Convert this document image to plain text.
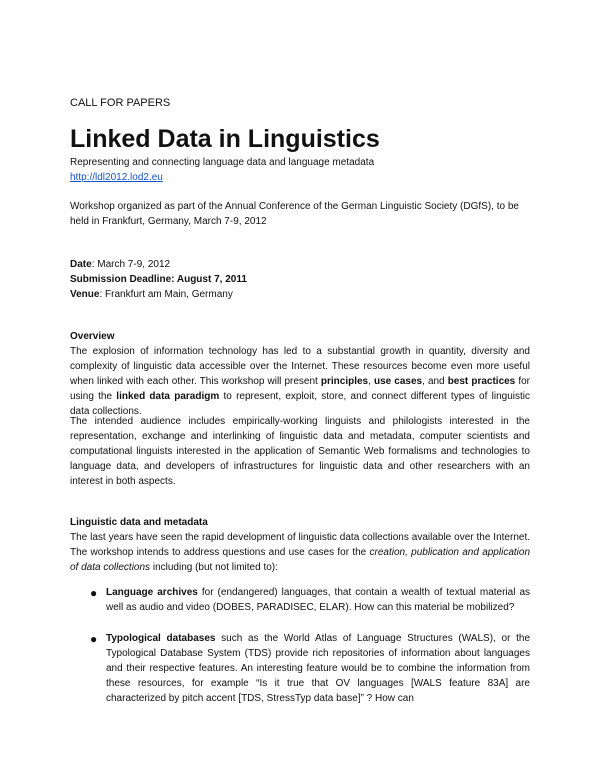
CALL FOR PAPERS
Linked Data in Linguistics
Representing and connecting language data and language metadata
http://ldl2012.lod2.eu
Workshop organized as part of the Annual Conference of the German Linguistic Society (DGfS), to be held in Frankfurt, Germany, March 7-9, 2012
Date: March 7-9, 2012
Submission Deadline: August 7, 2011
Venue: Frankfurt am Main, Germany
Overview
The explosion of information technology has led to a substantial growth in quantity, diversity and complexity of linguistic data accessible over the Internet. These resources become even more useful when linked with each other. This workshop will present principles, use cases, and best practices for using the linked data paradigm to represent, exploit, store, and connect different types of linguistic data collections.
The intended audience includes empirically-working linguists and philologists interested in the representation, exchange and interlinking of linguistic data and metadata, computer scientists and computational linguists interested in the application of Semantic Web formalisms and technologies to language data, and developers of infrastructures for linguistic data and other researchers with an interest in both aspects.
Linguistic data and metadata
The last years have seen the rapid development of linguistic data collections available over the Internet. The workshop intends to address questions and use cases for the creation, publication and application of data collections including (but not limited to):
● Language archives for (endangered) languages, that contain a wealth of textual material as well as audio and video (DOBES, PARADISEC, ELAR). How can this material be mobilized?
● Typological databases such as the World Atlas of Language Structures (WALS), or the Typological Database System (TDS) provide rich repositories of information about languages and their respective features. An interesting feature would be to combine the information from these resources, for example “Is it true that OV languages [WALS feature 83A] are characterized by pitch accent [TDS, StressTyp data base]” ? How can
